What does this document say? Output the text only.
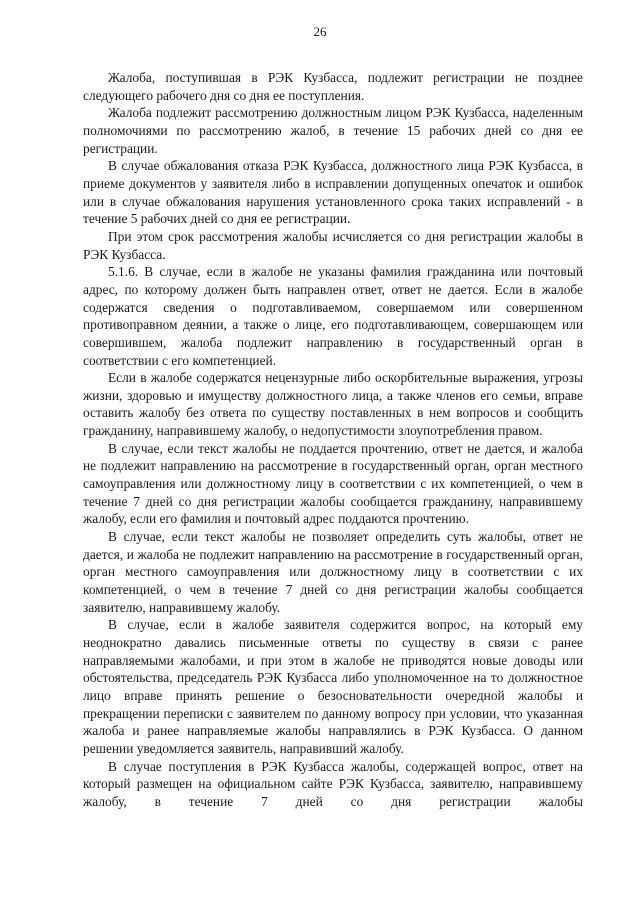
26

Жалоба, поступившая в РЭК Кузбасса, подлежит регистрации не позднее следующего рабочего дня со дня ее поступления.

Жалоба подлежит рассмотрению должностным лицом РЭК Кузбасса, наделенным полномочиями по рассмотрению жалоб, в течение 15 рабочих дней со дня ее регистрации.

В случае обжалования отказа РЭК Кузбасса, должностного лица РЭК Кузбасса, в приеме документов у заявителя либо в исправлении допущенных опечаток и ошибок или в случае обжалования нарушения установленного срока таких исправлений - в течение 5 рабочих дней со дня ее регистрации.

При этом срок рассмотрения жалобы исчисляется со дня регистрации жалобы в РЭК Кузбасса.

5.1.6. В случае, если в жалобе не указаны фамилия гражданина или почтовый адрес, по которому должен быть направлен ответ, ответ не дается. Если в жалобе содержатся сведения о подготавливаемом, совершаемом или совершенном противоправном деянии, а также о лице, его подготавливающем, совершающем или совершившем, жалоба подлежит направлению в государственный орган в соответствии с его компетенцией.

Если в жалобе содержатся нецензурные либо оскорбительные выражения, угрозы жизни, здоровью и имуществу должностного лица, а также членов его семьи, вправе оставить жалобу без ответа по существу поставленных в нем вопросов и сообщить гражданину, направившему жалобу, о недопустимости злоупотребления правом.

В случае, если текст жалобы не поддается прочтению, ответ не дается, и жалоба не подлежит направлению на рассмотрение в государственный орган, орган местного самоуправления или должностному лицу в соответствии с их компетенцией, о чем в течение 7 дней со дня регистрации жалобы сообщается гражданину, направившему жалобу, если его фамилия и почтовый адрес поддаются прочтению.

В случае, если текст жалобы не позволяет определить суть жалобы, ответ не дается, и жалоба не подлежит направлению на рассмотрение в государственный орган, орган местного самоуправления или должностному лицу в соответствии с их компетенцией, о чем в течение 7 дней со дня регистрации жалобы сообщается заявителю, направившему жалобу.

В случае, если в жалобе заявителя содержится вопрос, на который ему неоднократно давались письменные ответы по существу в связи с ранее направляемыми жалобами, и при этом в жалобе не приводятся новые доводы или обстоятельства, председатель РЭК Кузбасса либо уполномоченное на то должностное лицо вправе принять решение о безосновательности очередной жалобы и прекращении переписки с заявителем по данному вопросу при условии, что указанная жалоба и ранее направляемые жалобы направлялись в РЭК Кузбасса. О данном решении уведомляется заявитель, направивший жалобу.

В случае поступления в РЭК Кузбасса жалобы, содержащей вопрос, ответ на который размещен на официальном сайте РЭК Кузбасса, заявителю, направившему жалобу, в течение 7 дней со дня регистрации жалобы
